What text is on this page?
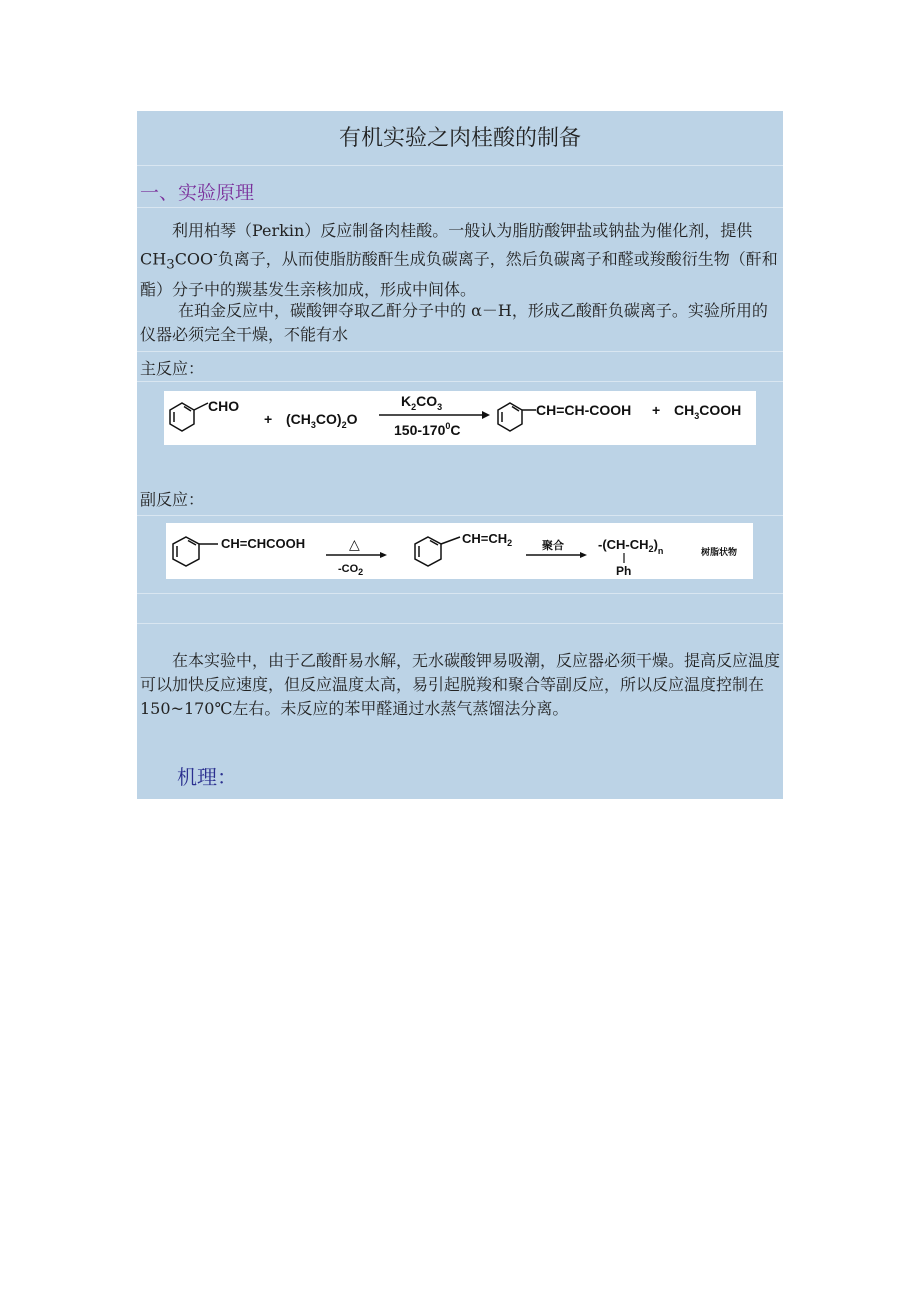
有机实验之肉桂酸的制备
一、实验原理

利用柏琴（Perkin）反应制备肉桂酸。一般认为脂肪酸钾盐或钠盐为催化剂，提供 $CH_3COO^-$负离子，从而使脂肪酸酐生成负碳离子，然后负碳离子和醛或羧酸衍生物（酐和酯）分子中的羰基发生亲核加成，形成中间体。

在珀金反应中，碳酸钾夺取乙酐分子中的 α－H，形成乙酸酐负碳离子。实验所用的仪器必须完全干燥，不能有水

主反应：
CHO
+ $(CH_3CO)_2O$
$K_2CO_3$
$150-170^0C$
CH=CH-COOH + $CH_3COOH$
副反应：
CH=CHCOOH	△
$-CO_2$
$CH=CH_2$	聚合	$-(CH-CH_2)_n$
Ph
树脂状物

在本实验中，由于乙酸酐易水解，无水碳酸钾易吸潮，反应器必须干燥。提高反应温度可以加快反应速度，但反应温度太高，易引起脱羧和聚合等副反应，所以反应温度控制在 150~170℃左右。未反应的苯甲醛通过水蒸气蒸馏法分离。

机理：
